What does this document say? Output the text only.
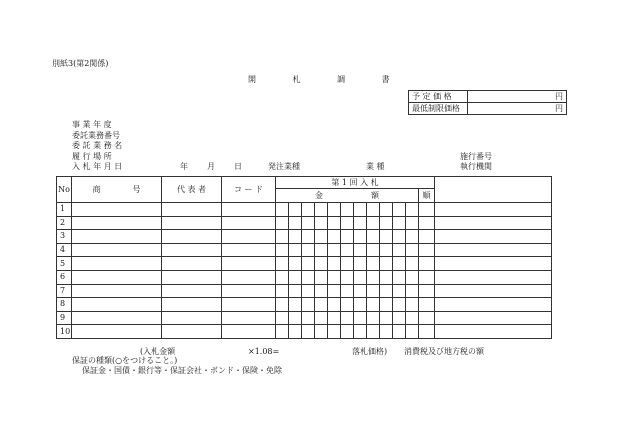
別紙3(第2関係)
開	札	調	書
予 定 価 格	円
最低制限価格	円
事 業 年 度
委託業務番号
委 託 業 務 名
履 行 場 所
入 札 年 月 日	年 月 日	発注業種	業 種
施行番号
執行機関
No	商　　　　号	代 表 者	コ ー ド	第 1 回 入 札												
				金　　　　　　額											順	
1																
2																
3																
4																
5																
6																
7																
8																
9																
10																
(入札金額	×1.08=	落札価格) 消費税及び地方税の額
保証の種類(○をつけること。)
保証金・国債・銀行等・保証会社・ボンド・保険・免除
